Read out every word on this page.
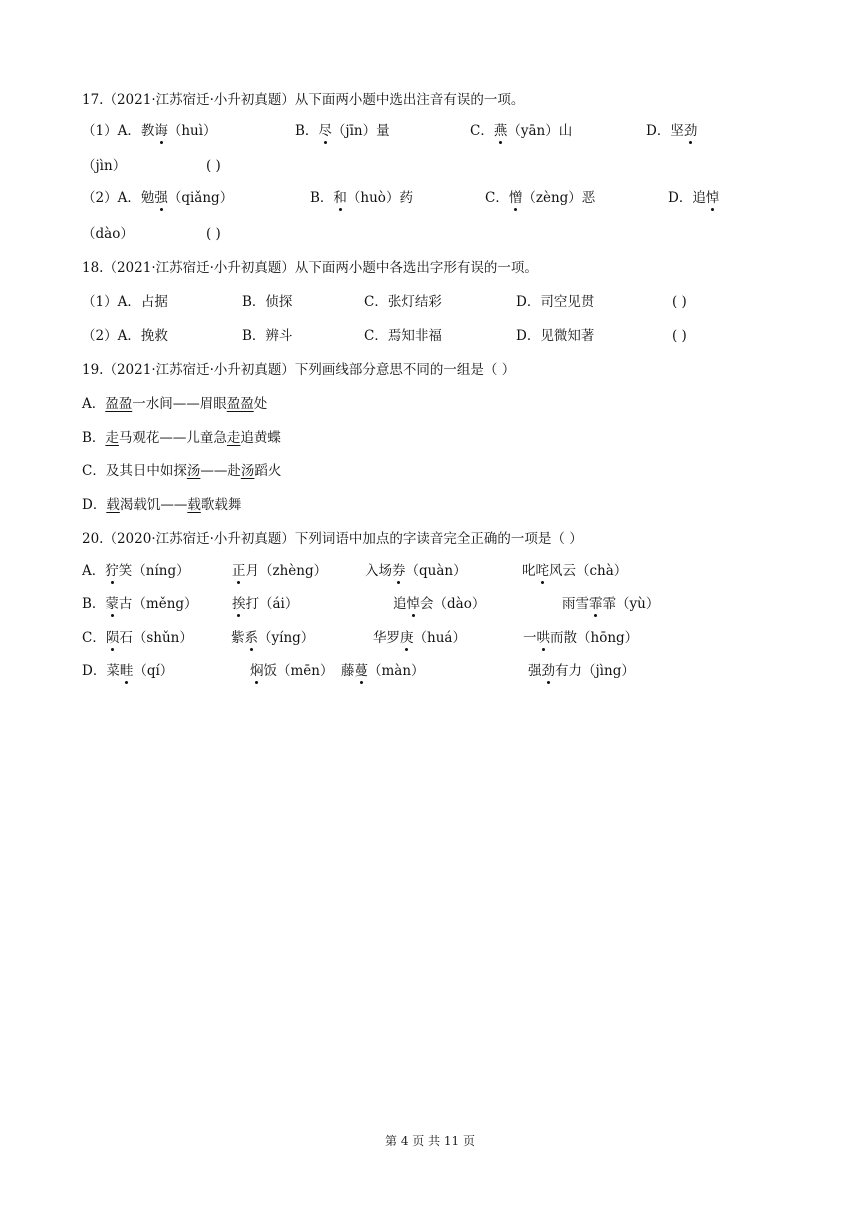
17.（2021·江苏宿迁·小升初真题）从下面两小题中选出注音有误的一项。
（1）A．教诲（huì）	B．尽（jīn）量	C．燕（yān）山	D．坚劲
（jìn）	( )
（2）A．勉强（qiǎng）	B．和（huò）药	C．憎（zèng）恶	D．追悼
（dào）	( )
18.（2021·江苏宿迁·小升初真题）从下面两小题中各选出字形有误的一项。
（1）A．占据	B．侦探	C．张灯结彩	D．司空见贯	( )
（2）A．挽救	B．辨斗	C．焉知非福	D．见微知著	( )
19.（2021·江苏宿迁·小升初真题）下列画线部分意思不同的一组是（ ）
A．盈盈一水间——眉眼盈盈处
B．走马观花——儿童急走追黄蝶
C．及其日中如探汤——赴汤蹈火
D．载渴载饥——载歌载舞
20.（2020·江苏宿迁·小升初真题）下列词语中加点的字读音完全正确的一项是（ ）
A．狞笑（níng）	正月（zhèng）	入场券（quàn）	叱咤风云（chà）
B．蒙古（měng）	挨打（ái）	追悼会（dào）	雨雪霏霏（yù）
C．陨石（shǔn）	紫系（yíng）	华罗庚（huá）	一哄而散（hōng）
D．菜畦（qí）	焖饭（mēn） 藤蔓（màn）	强劲有力（jìng）
第 4 页 共 11 页
